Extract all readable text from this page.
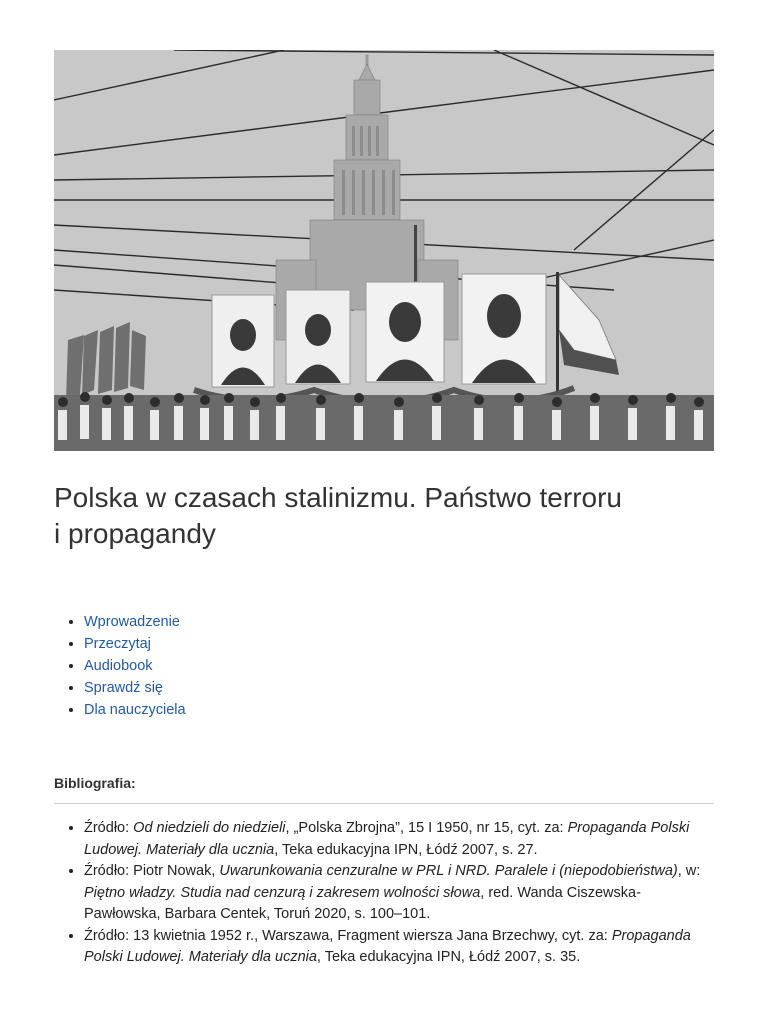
Polska w czasach stalinizmu. Państwo terroru
i propagandy
• Wprowadzenie
• Przeczytaj
• Audiobook
• Sprawdź się
• Dla nauczyciela
Bibliografia:
• Źródło: Od niedzieli do niedzieli, „Polska Zbrojna”, 15 I 1950, nr 15, cyt. za: Propaganda Polski Ludowej. Materiały dla ucznia, Teka edukacyjna IPN, Łódź 2007, s. 27.
• Źródło: Piotr Nowak, Uwarunkowania cenzuralne w PRL i NRD. Paralele i (niepodobieństwa), w: Piętno władzy. Studia nad cenzurą i zakresem wolności słowa, red. Wanda Ciszewska-Pawłowska, Barbara Centek, Toruń 2020, s. 100–101.
• Źródło: 13 kwietnia 1952 r., Warszawa, Fragment wiersza Jana Brzechwy, cyt. za: Propaganda Polski Ludowej. Materiały dla ucznia, Teka edukacyjna IPN, Łódź 2007, s. 35.
